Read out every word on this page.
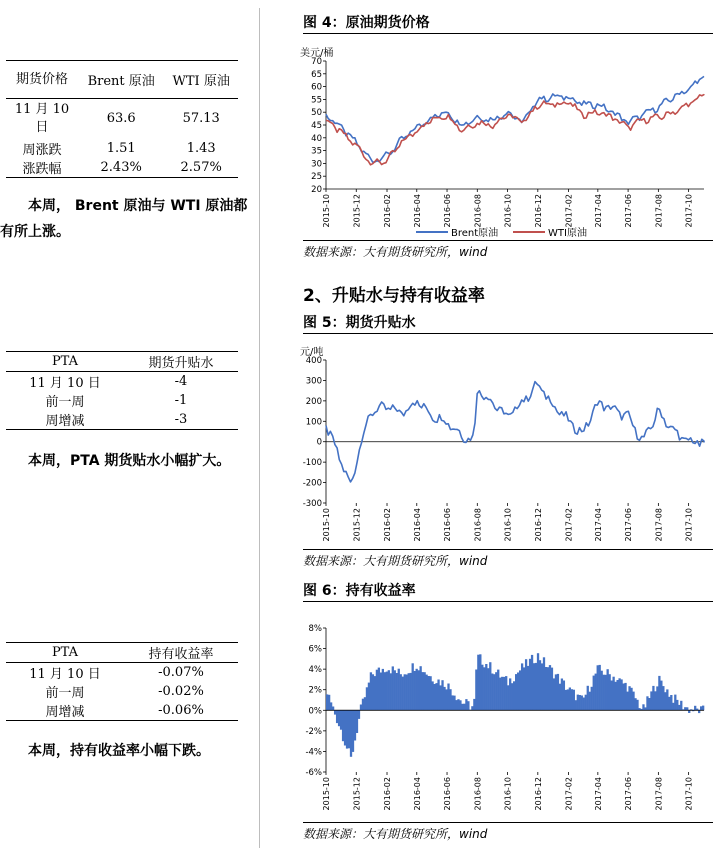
期货价格	Brent 原油	WTI 原油
11 月 10 日	63.6	57.13
周涨跌	1.51	1.43
涨跌幅	2.43%	2.57%
本周， Brent 原油与 WTI 原油都有所上涨。
PTA	期货升贴水
11 月 10 日	-4
前一周	-1
周增减	-3
本周，PTA 期货贴水小幅扩大。
PTA	持有收益率
11 月 10 日	-0.07%
前一周	-0.02%
周增减	-0.06%
本周，持有收益率小幅下跌。
图 4：原油期货价格
20
25
30
35
40
45
50
55
60
65
70
2015-10	2015-12	2016-02	2016-04	2016-06	2016-08	2016-10	2016-12	2017-02	2017-04	2017-06	2017-08	2017-10
美元/桶
Brent原油	WTI原油
数据来源：大有期货研究所，wind
2、升贴水与持有收益率
图 5：期货升贴水
-300
-200
-100
0
100
200
300
400
2015-10	2015-12	2016-02	2016-04	2016-06	2016-08	2016-10	2016-12	2017-02	2017-04	2017-06	2017-08	2017-10
元/吨
数据来源：大有期货研究所，wind
图 6：持有收益率
-6%
-4%
-2%
0%
2%
4%
6%
8%
2015-10	2015-12	2016-02	2016-04	2016-06	2016-08	2016-10	2016-12	2017-02	2017-04	2017-06	2017-08	2017-10
数据来源：大有期货研究所，wind
